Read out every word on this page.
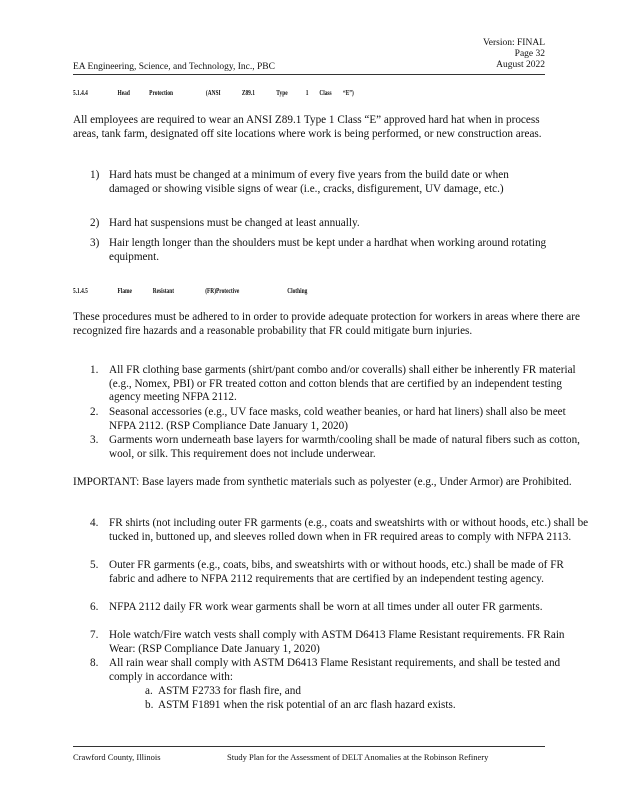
Version: FINAL
Page 32
August 2022
EA Engineering, Science, and Technology, Inc., PBC
5.1.4.4	Head	Protection	(ANSI	Z89.1	Type 1 Class “E”)
All employees are required to wear an ANSI Z89.1 Type 1 Class “E” approved hard hat when in process areas, tank farm, designated off site locations where work is being performed, or new construction areas.
1) Hard hats must be changed at a minimum of every five years from the build date or when damaged or showing visible signs of wear (i.e., cracks, disfigurement, UV damage, etc.)
2) Hard hat suspensions must be changed at least annually.
3) Hair length longer than the shoulders must be kept under a hardhat when working around rotating equipment.
5.1.4.5	Flame	Resistant	(FR)Protective	Clothing
These procedures must be adhered to in order to provide adequate protection for workers in areas where there are recognized fire hazards and a reasonable probability that FR could mitigate burn injuries.
1. All FR clothing base garments (shirt/pant combo and/or coveralls) shall either be inherently FR material (e.g., Nomex, PBI) or FR treated cotton and cotton blends that are certified by an independent testing agency meeting NFPA 2112.
2. Seasonal accessories (e.g., UV face masks, cold weather beanies, or hard hat liners) shall also be meet NFPA 2112. (RSP Compliance Date January 1, 2020)
3. Garments worn underneath base layers for warmth/cooling shall be made of natural fibers such as cotton, wool, or silk. This requirement does not include underwear.
IMPORTANT: Base layers made from synthetic materials such as polyester (e.g., Under Armor) are Prohibited.
4. FR shirts (not including outer FR garments (e.g., coats and sweatshirts with or without hoods, etc.) shall be tucked in, buttoned up, and sleeves rolled down when in FR required areas to comply with NFPA 2113.
5. Outer FR garments (e.g., coats, bibs, and sweatshirts with or without hoods, etc.) shall be made of FR fabric and adhere to NFPA 2112 requirements that are certified by an independent testing agency.
6. NFPA 2112 daily FR work wear garments shall be worn at all times under all outer FR garments.
7. Hole watch/Fire watch vests shall comply with ASTM D6413 Flame Resistant requirements. FR Rain Wear: (RSP Compliance Date January 1, 2020)
8. All rain wear shall comply with ASTM D6413 Flame Resistant requirements, and shall be tested and comply in accordance with:
a. ASTM F2733 for flash fire, and
b. ASTM F1891 when the risk potential of an arc flash hazard exists.
Crawford County, Illinois	Study Plan for the Assessment of DELT Anomalies at the Robinson Refinery
